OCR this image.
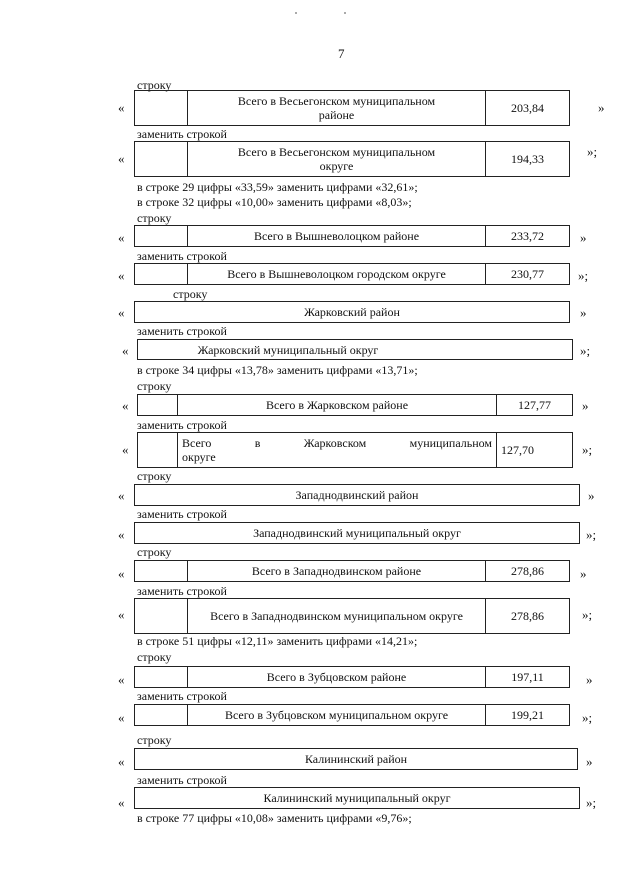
7
строку
«	Всего в Весьегонском муниципальном районе	203,84	»
заменить строкой
«	Всего в Весьегонском муниципальном округе	194,33	»;
в строке 29 цифры «33,59» заменить цифрами «32,61»;
в строке 32 цифры «10,00» заменить цифрами «8,03»;
строку
«	Всего в Вышневолоцком районе	233,72	»
заменить строкой
«	Всего в Вышневолоцком городском округе	230,77	»;
строку
«	Жарковский район	»
заменить строкой
«	Жарковский муниципальный округ	»;
в строке 34 цифры «13,78» заменить цифрами «13,71»;
строку
«	Всего в Жарковском районе	127,77	»
заменить строкой
«	Всего в Жарковском муниципальном округе	127,70	»;
строку
«	Западнодвинский район	»
заменить строкой
«	Западнодвинский муниципальный округ	»;
строку
«	Всего в Западнодвинском районе	278,86	»
заменить строкой
«	Всего в Западнодвинском муниципальном округе	278,86	»;
в строке 51 цифры «12,11» заменить цифрами «14,21»;
строку
«	Всего в Зубцовском районе	197,11	»
заменить строкой
«	Всего в Зубцовском муниципальном округе	199,21	»;
строку
«	Калининский район	»
заменить строкой
«	Калининский муниципальный округ	»;
в строке 77 цифры «10,08» заменить цифрами «9,76»;
